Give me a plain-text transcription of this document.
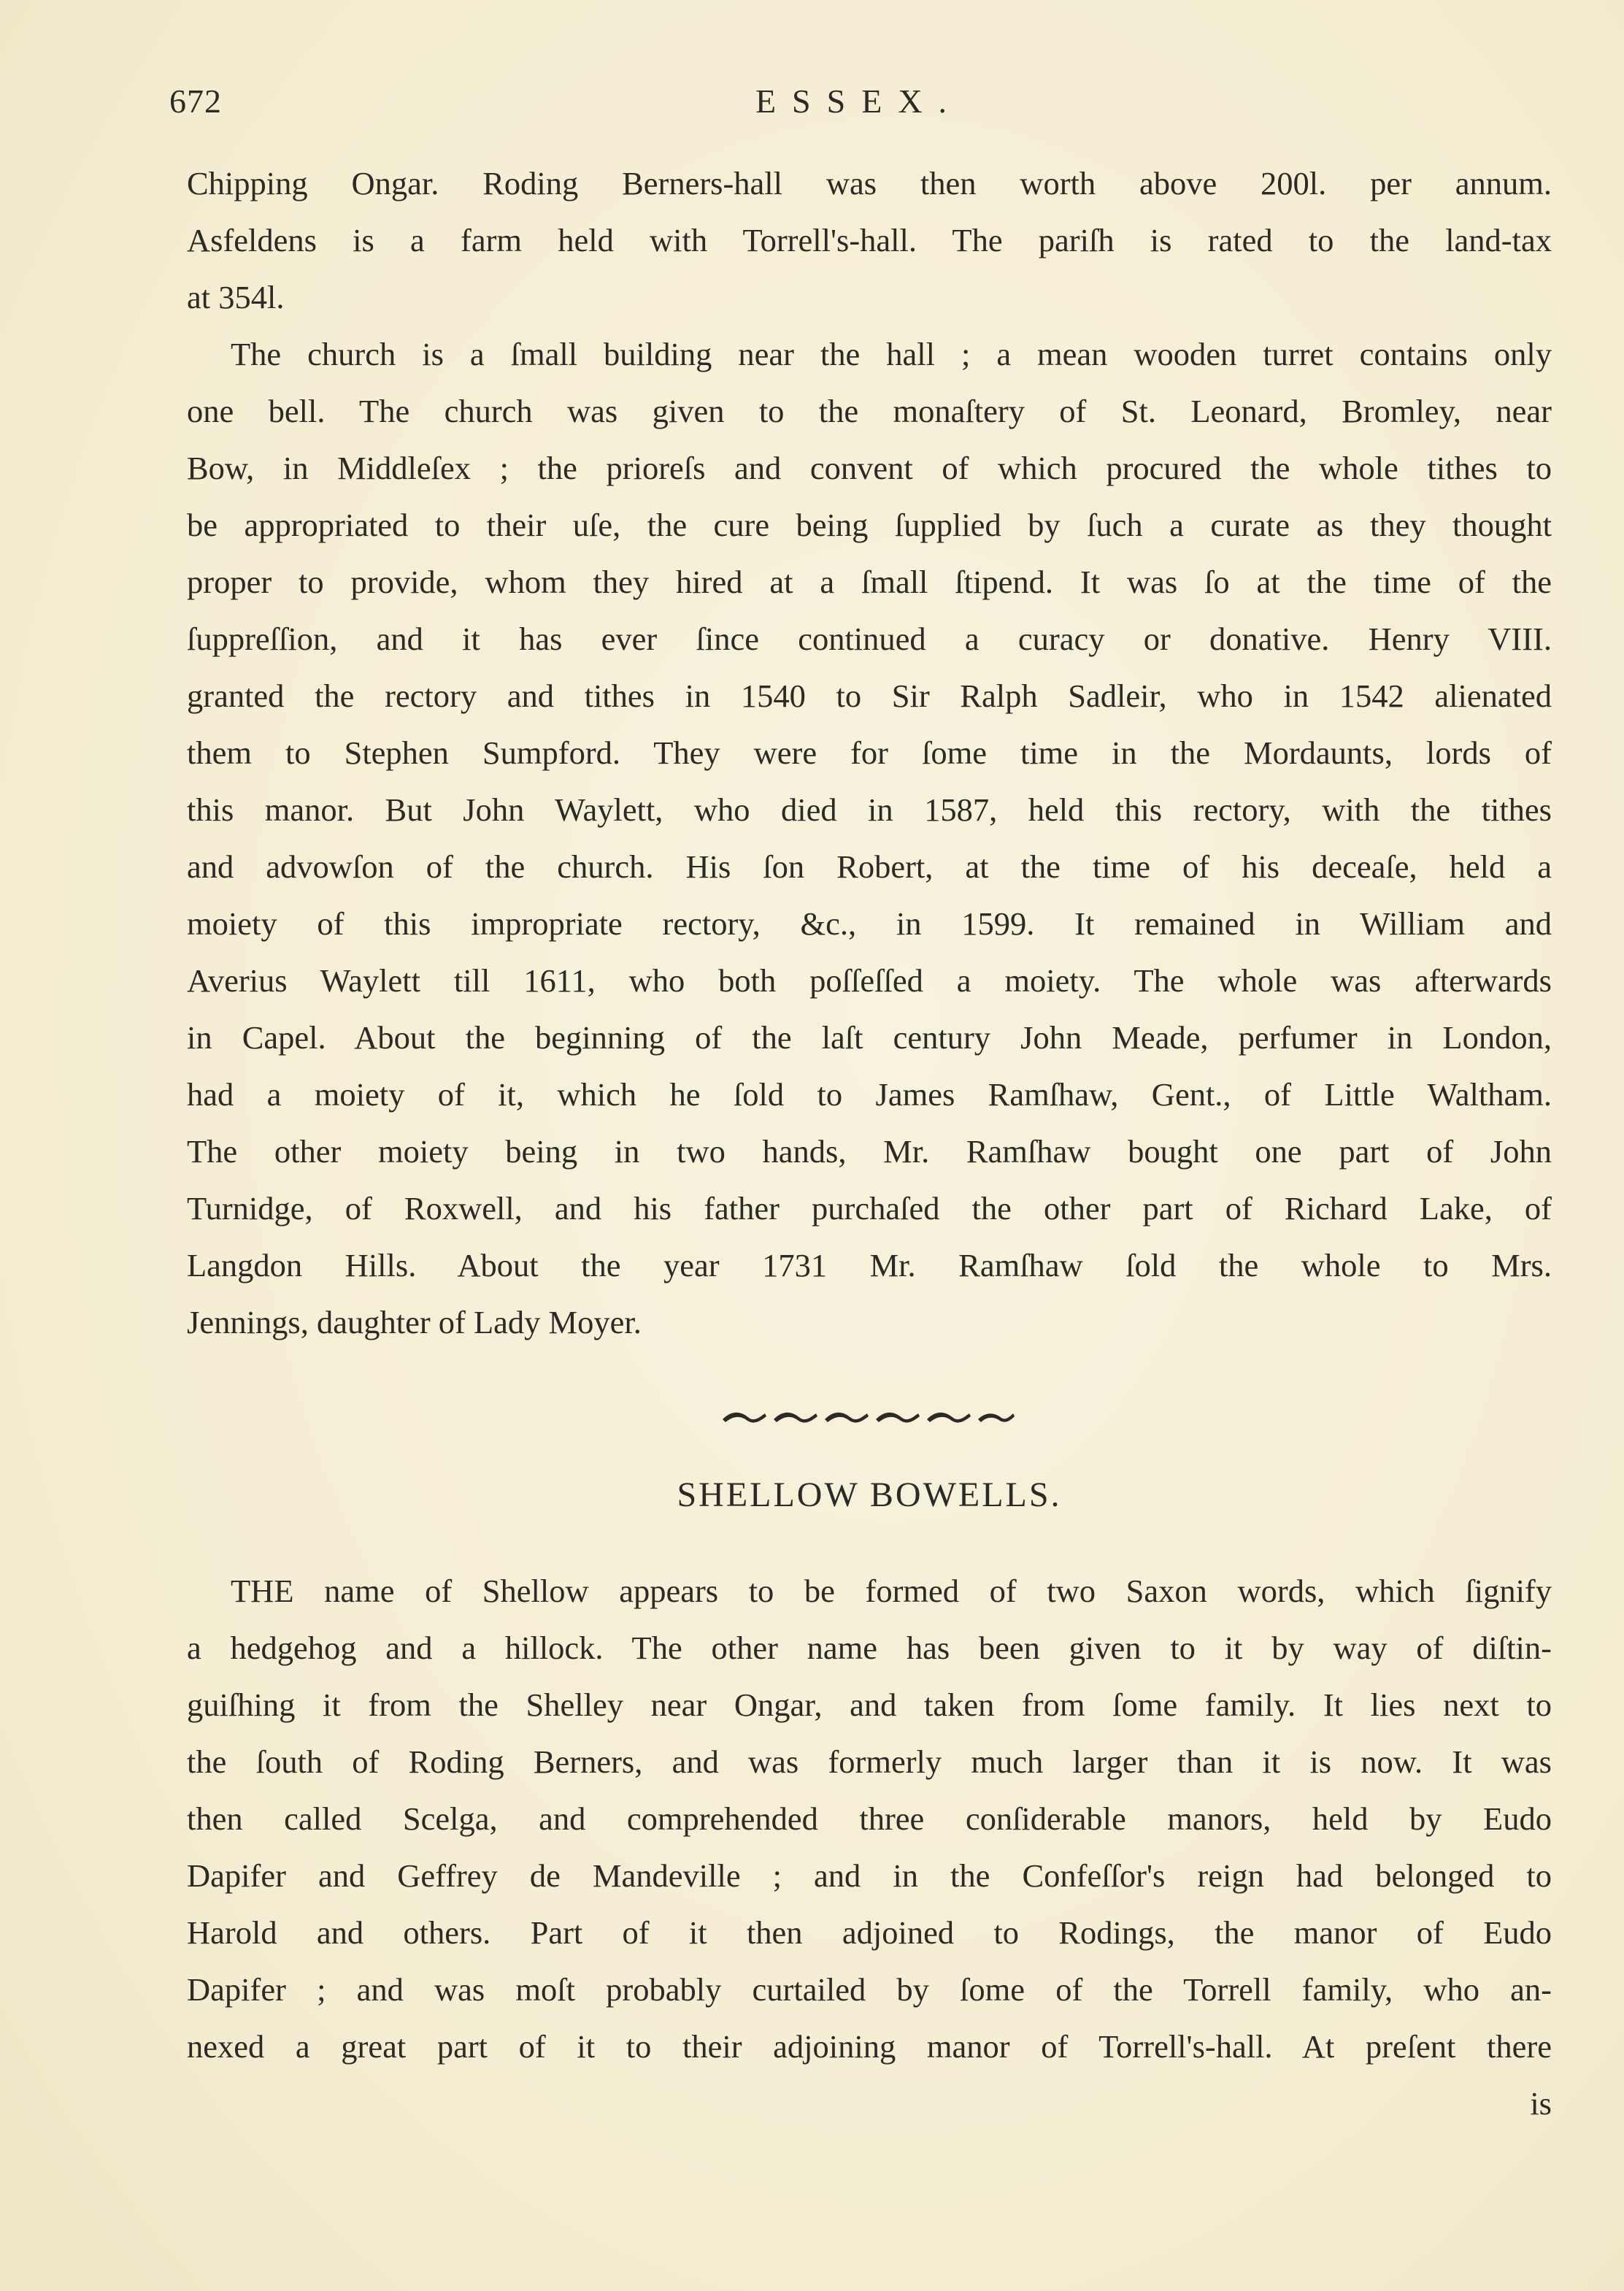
672	ESSEX.
Chipping Ongar. Roding Berners-hall was then worth above 200l. per annum.
Asfeldens is a farm held with Torrell's-hall. The pariſh is rated to the land-tax
at 354l.
The church is a ſmall building near the hall ; a mean wooden turret contains only
one bell. The church was given to the monaſtery of St. Leonard, Bromley, near
Bow, in Middleſex ; the prioreſs and convent of which procured the whole tithes to
be appropriated to their uſe, the cure being ſupplied by ſuch a curate as they thought
proper to provide, whom they hired at a ſmall ſtipend. It was ſo at the time of the
ſuppreſſion, and it has ever ſince continued a curacy or donative. Henry VIII.
granted the rectory and tithes in 1540 to Sir Ralph Sadleir, who in 1542 alienated
them to Stephen Sumpford. They were for ſome time in the Mordaunts, lords of
this manor. But John Waylett, who died in 1587, held this rectory, with the tithes
and advowſon of the church. His ſon Robert, at the time of his deceaſe, held a
moiety of this impropriate rectory, &c., in 1599. It remained in William and
Averius Waylett till 1611, who both poſſeſſed a moiety. The whole was afterwards
in Capel. About the beginning of the laſt century John Meade, perfumer in London,
had a moiety of it, which he ſold to James Ramſhaw, Gent., of Little Waltham.
The other moiety being in two hands, Mr. Ramſhaw bought one part of John
Turnidge, of Roxwell, and his father purchaſed the other part of Richard Lake, of
Langdon Hills. About the year 1731 Mr. Ramſhaw ſold the whole to Mrs.
Jennings, daughter of Lady Moyer.
SHELLOW BOWELLS.
THE name of Shellow appears to be formed of two Saxon words, which ſignify
a hedgehog and a hillock. The other name has been given to it by way of diſtin-
guiſhing it from the Shelley near Ongar, and taken from ſome family. It lies next to
the ſouth of Roding Berners, and was formerly much larger than it is now. It was
then called Scelga, and comprehended three conſiderable manors, held by Eudo
Dapifer and Geffrey de Mandeville ; and in the Confeſſor's reign had belonged to
Harold and others. Part of it then adjoined to Rodings, the manor of Eudo
Dapifer ; and was moſt probably curtailed by ſome of the Torrell family, who an-
nexed a great part of it to their adjoining manor of Torrell's-hall. At preſent there
is
